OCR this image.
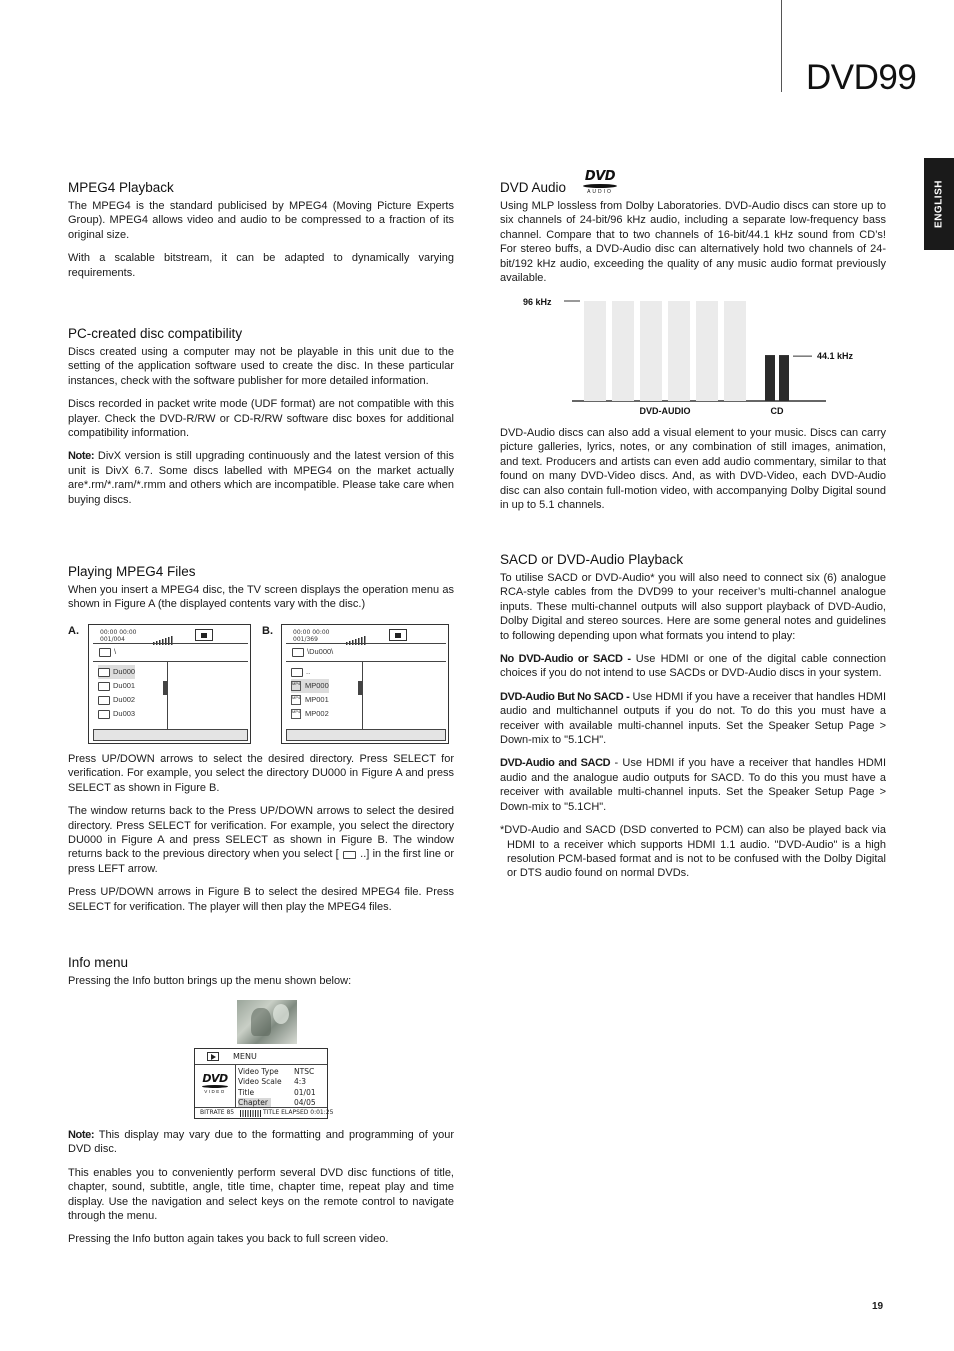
DVD99
ENGLISH
MPEG4 Playback

The MPEG4 is the standard publicised by MPEG4 (Moving Picture Experts Group). MPEG4 allows video and audio to be compressed to a fraction of its original size.

With a scalable bitstream, it can be adapted to dynamically varying requirements.

PC-created disc compatibility

Discs created using a computer may not be playable in this unit due to the setting of the application software used to create the disc. In these particular instances, check with the software publisher for more detailed information.

Discs recorded in packet write mode (UDF format) are not compatible with this player. Check the DVD-R/RW or CD-R/RW software disc boxes for additional compatibility information.

Note: DivX version is still upgrading continuously and the latest version of this unit is DivX 6.7. Some discs labelled with MPEG4 on the market actually are*.rm/*.ram/*.rmm and others which are incompatible. Please take care when buying discs.

Playing MPEG4 Files

When you insert a MPEG4 disc, the TV screen displays the operation menu as shown in Figure A (the displayed contents vary with the disc.)

A.	00:00 00:00
001/004
\
Du000
Du001
Du002
Du003
B.	00:00 00:00
001/369
\Du000\
..
MP4 MP000
MP4 MP001
MP4 MP002

Press UP/DOWN arrows to select the desired directory. Press SELECT for verification. For example, you select the directory DU000 in Figure A and press SELECT as shown in Figure B.

The window returns back to the Press UP/DOWN arrows to select the desired directory. Press SELECT for verification. For example, you select the directory DU000 in Figure A and press SELECT as shown in Figure B. The window returns back to the previous directory when you select [  ..] in the first line or press LEFT arrow.

Press UP/DOWN arrows in Figure B to select the desired MPEG4 file. Press SELECT for verification. The player will then play the MPEG4 files.

Info menu

Pressing the Info button brings up the menu shown below:

MENU
DVD
VIDEO
Video Type NTSC
Video Scale 4:3
Title	01/01
Chapter	04/05
BITRATE 85	TITLE ELAPSED 0:01:25

Note: This display may vary due to the formatting and programming of your DVD disc.

This enables you to conveniently perform several DVD disc functions of title, chapter, sound, subtitle, angle, title time, chapter time, repeat play and time display. Use the navigation and select keys on the remote control to navigate through the menu.

Pressing the Info button again takes you back to full screen video.

DVD Audio

Using MLP lossless from Dolby Laboratories. DVD-Audio discs can store up to six channels of 24-bit/96 kHz audio, including a separate low-frequency bass channel. Compare that to two channels of 16-bit/44.1 kHz sound from CD’s! For stereo buffs, a DVD-Audio disc can alternatively hold two channels of 24-bit/192 kHz audio, exceeding the quality of any music audio format previously available.

DVD
AUDIO
96 kHz
44.1 kHz
DVD-AUDIO	CD

DVD-Audio discs can also add a visual element to your music. Discs can carry picture galleries, lyrics, notes, or any combination of still images, animation, and text. Producers and artists can even add audio commentary, similar to that found on many DVD-Video discs. And, as with DVD-Video, each DVD-Audio disc can also contain full-motion video, with accompanying Dolby Digital sound in up to 5.1 channels.

SACD or DVD-Audio Playback

To utilise SACD or DVD-Audio* you will also need to connect six (6) analogue RCA-style cables from the DVD99 to your receiver’s multi-channel analogue inputs. These multi-channel outputs will also support playback of DVD-Audio, Dolby Digital and stereo sources. Here are some general notes and guidelines to following depending upon what formats you intend to play:

No DVD-Audio or SACD - Use HDMI or one of the digital cable connection choices if you do not intend to use SACDs or DVD-Audio discs in your system.

DVD-Audio But No SACD - Use HDMI if you have a receiver that handles HDMI audio and multichannel outputs if you do not. To do this you must have a receiver with available multi-channel inputs. Set the Speaker Setup Page > Down-mix to "5.1CH".

DVD-Audio and SACD - Use HDMI if you have a receiver that handles HDMI audio and the analogue audio outputs for SACD. To do this you must have a receiver with available multi-channel inputs. Set the Speaker Setup Page > Down-mix to "5.1CH".

*DVD-Audio and SACD (DSD converted to PCM) can also be played back via HDMI to a receiver which supports HDMI 1.1 audio. "DVD-Audio" is a high resolution PCM-based format and is not to be confused with the Dolby Digital or DTS audio found on normal DVDs.

19
